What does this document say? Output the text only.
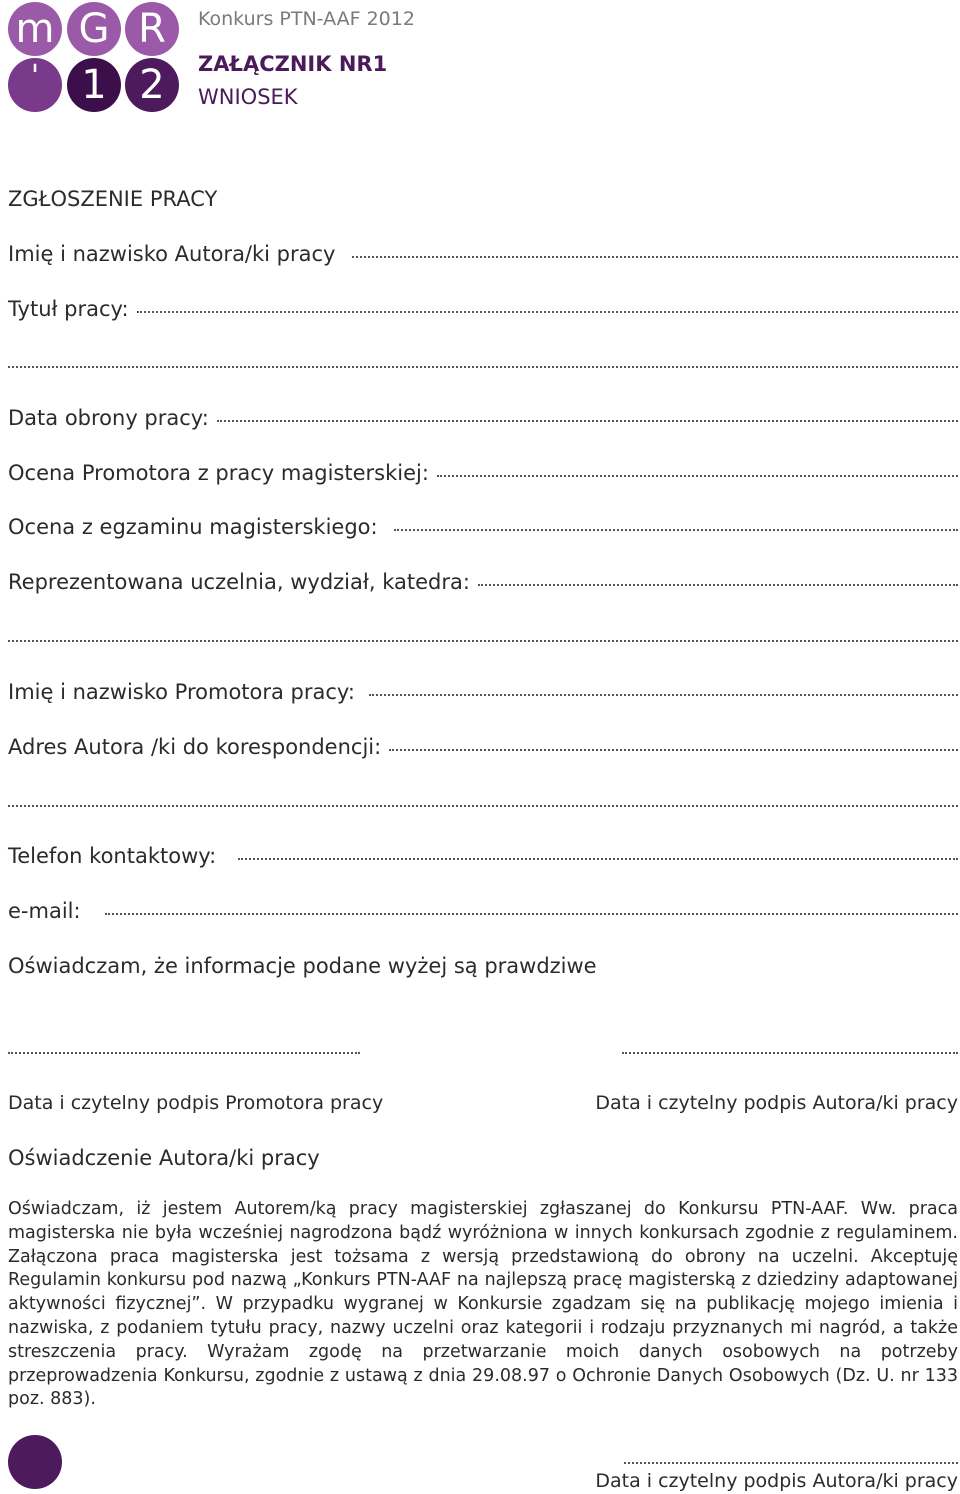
m G R
' 1 2
Konkurs PTN-AAF 2012
ZAŁĄCZNIK NR1
WNIOSEK
ZGŁOSZENIE PRACY
Imię i nazwisko Autora/ki pracy
Tytuł pracy:
Data obrony pracy:
Ocena Promotora z pracy magisterskiej:
Ocena z egzaminu magisterskiego:
Reprezentowana uczelnia, wydział, katedra:
Imię i nazwisko Promotora pracy:
Adres Autora /ki do korespondencji:
Telefon kontaktowy:
e-mail:
Oświadczam, że informacje podane wyżej są prawdziwe
Data i czytelny podpis Promotora pracy	Data i czytelny podpis Autora/ki pracy
Oświadczenie Autora/ki pracy
Oświadczam, iż jestem Autorem/ką pracy magisterskiej zgłaszanej do Konkursu PTN-AAF. Ww. praca magisterska nie była wcześniej nagrodzona bądź wyróżniona w innych konkursach zgodnie z regulaminem. Załączona praca magisterska jest tożsama z wersją przedstawioną do obrony na uczelni. Akceptuję Regulamin konkursu pod nazwą „Konkurs PTN-AAF na najlepszą pracę magisterską z dziedziny adaptowanej aktywności fizycznej”. W przypadku wygranej w Konkursie zgadzam się na publikację mojego imienia i nazwiska, z podaniem tytułu pracy, nazwy uczelni oraz kategorii i rodzaju przyznanych mi nagród, a także streszczenia pracy. Wyrażam zgodę na przetwarzanie moich danych osobowych na potrzeby przeprowadzenia Konkursu, zgodnie z ustawą z dnia 29.08.97 o Ochronie Danych Osobowych (Dz. U. nr 133 poz. 883).
Data i czytelny podpis Autora/ki pracy
